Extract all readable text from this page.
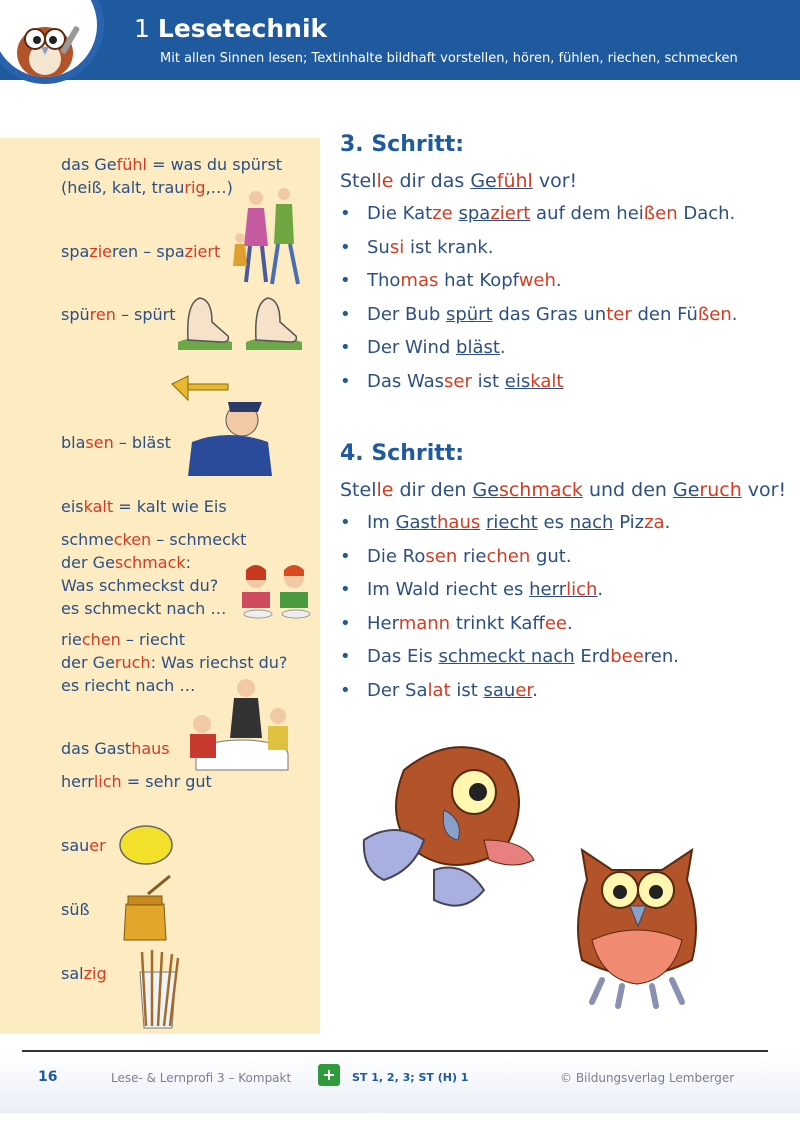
1 Lesetechnik
Mit allen Sinnen lesen; Textinhalte bildhaft vorstellen, hören, fühlen, riechen, schmecken
das Gefühl = was du spürst
(heiß, kalt, traurig,…)
spazieren – spaziert
spüren – spürt
blasen – bläst
eiskalt = kalt wie Eis
schmecken – schmeckt
der Geschmack:
Was schmeckst du?
es schmeckt nach …
riechen – riecht
der Geruch: Was riechst du?
es riecht nach …
das Gasthaus
herrlich = sehr gut
sauer
süß
salzig
3. Schritt:
Stelle dir das Gefühl vor!
• Die Katze spaziert auf dem heißen Dach.
• Susi ist krank.
• Thomas hat Kopfweh.
• Der Bub spürt das Gras unter den Füßen.
• Der Wind bläst.
• Das Wasser ist eiskalt
4. Schritt:
Stelle dir den Geschmack und den Geruch vor!
• Im Gasthaus riecht es nach Pizza.
• Die Rosen riechen gut.
• Im Wald riecht es herrlich.
• Hermann trinkt Kaffee.
• Das Eis schmeckt nach Erdbeeren.
• Der Salat ist sauer.
16	Lese- & Lernprofi 3 – Kompakt +	ST 1, 2, 3; ST (H) 1	© Bildungsverlag Lemberger
